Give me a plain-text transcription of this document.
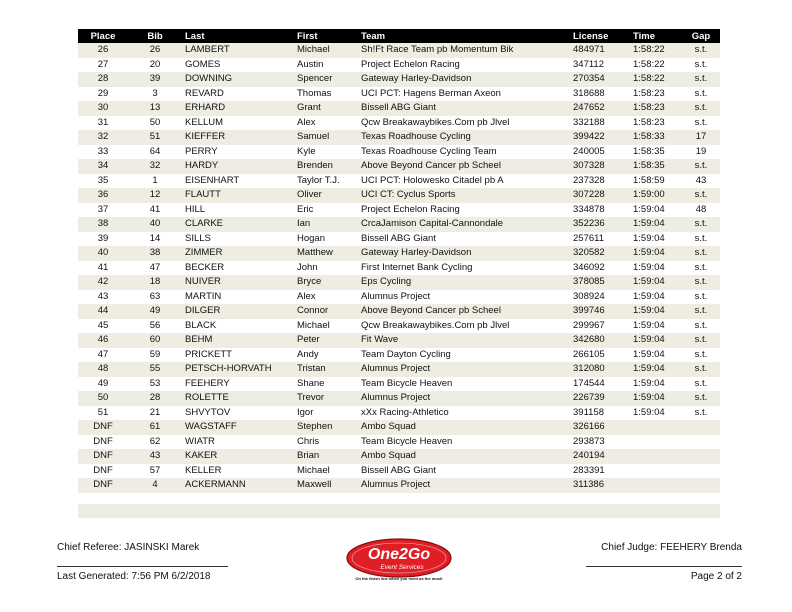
Place	Bib	Last	First	Team	License	Time	Gap
26	26	LAMBERT	Michael	Sh!Ft Race Team pb Momentum Bik	484971	1:58:22	s.t.
27	20	GOMES	Austin	Project Echelon Racing	347112	1:58:22	s.t.
28	39	DOWNING	Spencer	Gateway Harley-Davidson	270354	1:58:22	s.t.
29	3	REVARD	Thomas	UCI PCT: Hagens Berman Axeon	318688	1:58:23	s.t.
30	13	ERHARD	Grant	Bissell ABG Giant	247652	1:58:23	s.t.
31	50	KELLUM	Alex	Qcw Breakawaybikes.Com pb Jlvel	332188	1:58:23	s.t.
32	51	KIEFFER	Samuel	Texas Roadhouse Cycling	399422	1:58:33	17
33	64	PERRY	Kyle	Texas Roadhouse Cycling Team	240005	1:58:35	19
34	32	HARDY	Brenden	Above Beyond Cancer pb Scheel	307328	1:58:35	s.t.
35	1	EISENHART	Taylor T.J.	UCI PCT: Holowesko Citadel pb A	237328	1:58:59	43
36	12	FLAUTT	Oliver	UCI CT: Cyclus Sports	307228	1:59:00	s.t.
37	41	HILL	Eric	Project Echelon Racing	334878	1:59:04	48
38	40	CLARKE	Ian	CrcaJamison Capital-Cannondale	352236	1:59:04	s.t.
39	14	SILLS	Hogan	Bissell ABG Giant	257611	1:59:04	s.t.
40	38	ZIMMER	Matthew	Gateway Harley-Davidson	320582	1:59:04	s.t.
41	47	BECKER	John	First Internet Bank Cycling	346092	1:59:04	s.t.
42	18	NUIVER	Bryce	Eps Cycling	378085	1:59:04	s.t.
43	63	MARTIN	Alex	Alumnus Project	308924	1:59:04	s.t.
44	49	DILGER	Connor	Above Beyond Cancer pb Scheel	399746	1:59:04	s.t.
45	56	BLACK	Michael	Qcw Breakawaybikes.Com pb Jlvel	299967	1:59:04	s.t.
46	60	BEHM	Peter	Fit Wave	342680	1:59:04	s.t.
47	59	PRICKETT	Andy	Team Dayton Cycling	266105	1:59:04	s.t.
48	55	PETSCH-HORVATH	Tristan	Alumnus Project	312080	1:59:04	s.t.
49	53	FEEHERY	Shane	Team Bicycle Heaven	174544	1:59:04	s.t.
50	28	ROLETTE	Trevor	Alumnus Project	226739	1:59:04	s.t.
51	21	SHVYTOV	Igor	xXx Racing-Athletico	391158	1:59:04	s.t.
DNF	61	WAGSTAFF	Stephen	Ambo Squad	326166		
DNF	62	WIATR	Chris	Team Bicycle Heaven	293873		
DNF	43	KAKER	Brian	Ambo Squad	240194		
DNF	57	KELLER	Michael	Bissell ABG Giant	283391		
DNF	4	ACKERMANN	Maxwell	Alumnus Project	311386		
Chief Referee: JASINSKI Marek
Last Generated: 7:56 PM 6/2/2018
Chief Judge: FEEHERY Brenda
Page 2 of 2
One2Go
Event Services
On the finish line when you need us the most!
